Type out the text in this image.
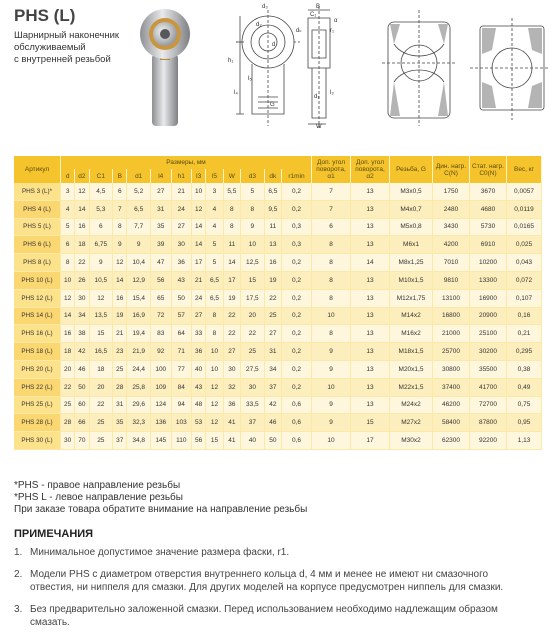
PHS (L)
Шарнирный наконечник
обслуживаемый
с внутренней резьбой
d₃
d₂
B
C₁
α
d
dₖ
G
r₁
l₄
l₅
l₃
h₁
d₁
W
Артикул	Размеры, мм													Доп. угол поворота, α1	Доп. угол поворота, α2	Резьба, G	Дин. нагр. C(N)	Стат. нагр. C0(N)	Вес, кг
	d	d2	C1	B	d1	l4	h1	l3	l5	W	d3	dk	r1min						
PHS 3 (L)*	3	12	4,5	6	5,2	27	21	10	3	5,5	5	6,5	0,2	7	13	M3x0,5	1750	3670	0,0057
PHS 4 (L)	4	14	5,3	7	6,5	31	24	12	4	8	8	9,5	0,2	7	13	M4x0,7	2480	4680	0,0119
PHS 5 (L)	5	16	6	8	7,7	35	27	14	4	8	9	11	0,3	6	13	M5x0,8	3430	5730	0,0165
PHS 6 (L)	6	18	6,75	9	9	39	30	14	5	11	10	13	0,3	8	13	M6x1	4200	6910	0,025
PHS 8 (L)	8	22	9	12	10,4	47	36	17	5	14	12,5	16	0,2	8	14	M8x1,25	7010	10200	0,043
PHS 10 (L)	10	26	10,5	14	12,9	56	43	21	6,5	17	15	19	0,2	8	13	M10x1,5	9810	13300	0,072
PHS 12 (L)	12	30	12	16	15,4	65	50	24	6,5	19	17,5	22	0,2	8	13	M12x1,75	13100	16900	0,107
PHS 14 (L)	14	34	13,5	19	16,9	72	57	27	8	22	20	25	0,2	10	13	M14x2	16800	20900	0,16
PHS 16 (L)	16	38	15	21	19,4	83	64	33	8	22	22	27	0,2	8	13	M16x2	21000	25100	0,21
PHS 18 (L)	18	42	16,5	23	21,9	92	71	36	10	27	25	31	0,2	9	13	M18x1,5	25700	30200	0,295
PHS 20 (L)	20	46	18	25	24,4	100	77	40	10	30	27,5	34	0,2	9	13	M20x1,5	30800	35500	0,38
PHS 22 (L)	22	50	20	28	25,8	109	84	43	12	32	30	37	0,2	10	13	M22x1,5	37400	41700	0,49
PHS 25 (L)	25	60	22	31	29,6	124	94	48	12	36	33,5	42	0,6	9	13	M24x2	46200	72700	0,75
PHS 28 (L)	28	66	25	35	32,3	136	103	53	12	41	37	46	0,6	9	15	M27x2	58400	87800	0,95
PHS 30 (L)	30	70	25	37	34,8	145	110	56	15	41	40	50	0,6	10	17	M30x2	62300	92200	1,13
*PHS - правое направление резьбы
*PHS L - левое направление резьбы
При заказе товара обратите внимание на направление резьбы
ПРИМЕЧАНИЯ
1. Минимальное допустимое значение размера фаски, r1.
2. Модели PHS с диаметром отверстия внутреннего кольца d, 4 мм и менее не имеют ни смазочного отвестия, ни ниппеля для смазки. Для других моделей на корпусе предусмотрен ниппель для смазки.
3. Без предварительно заложенной смазки. Перед использованием необходимо надлежащим образом смазать.
